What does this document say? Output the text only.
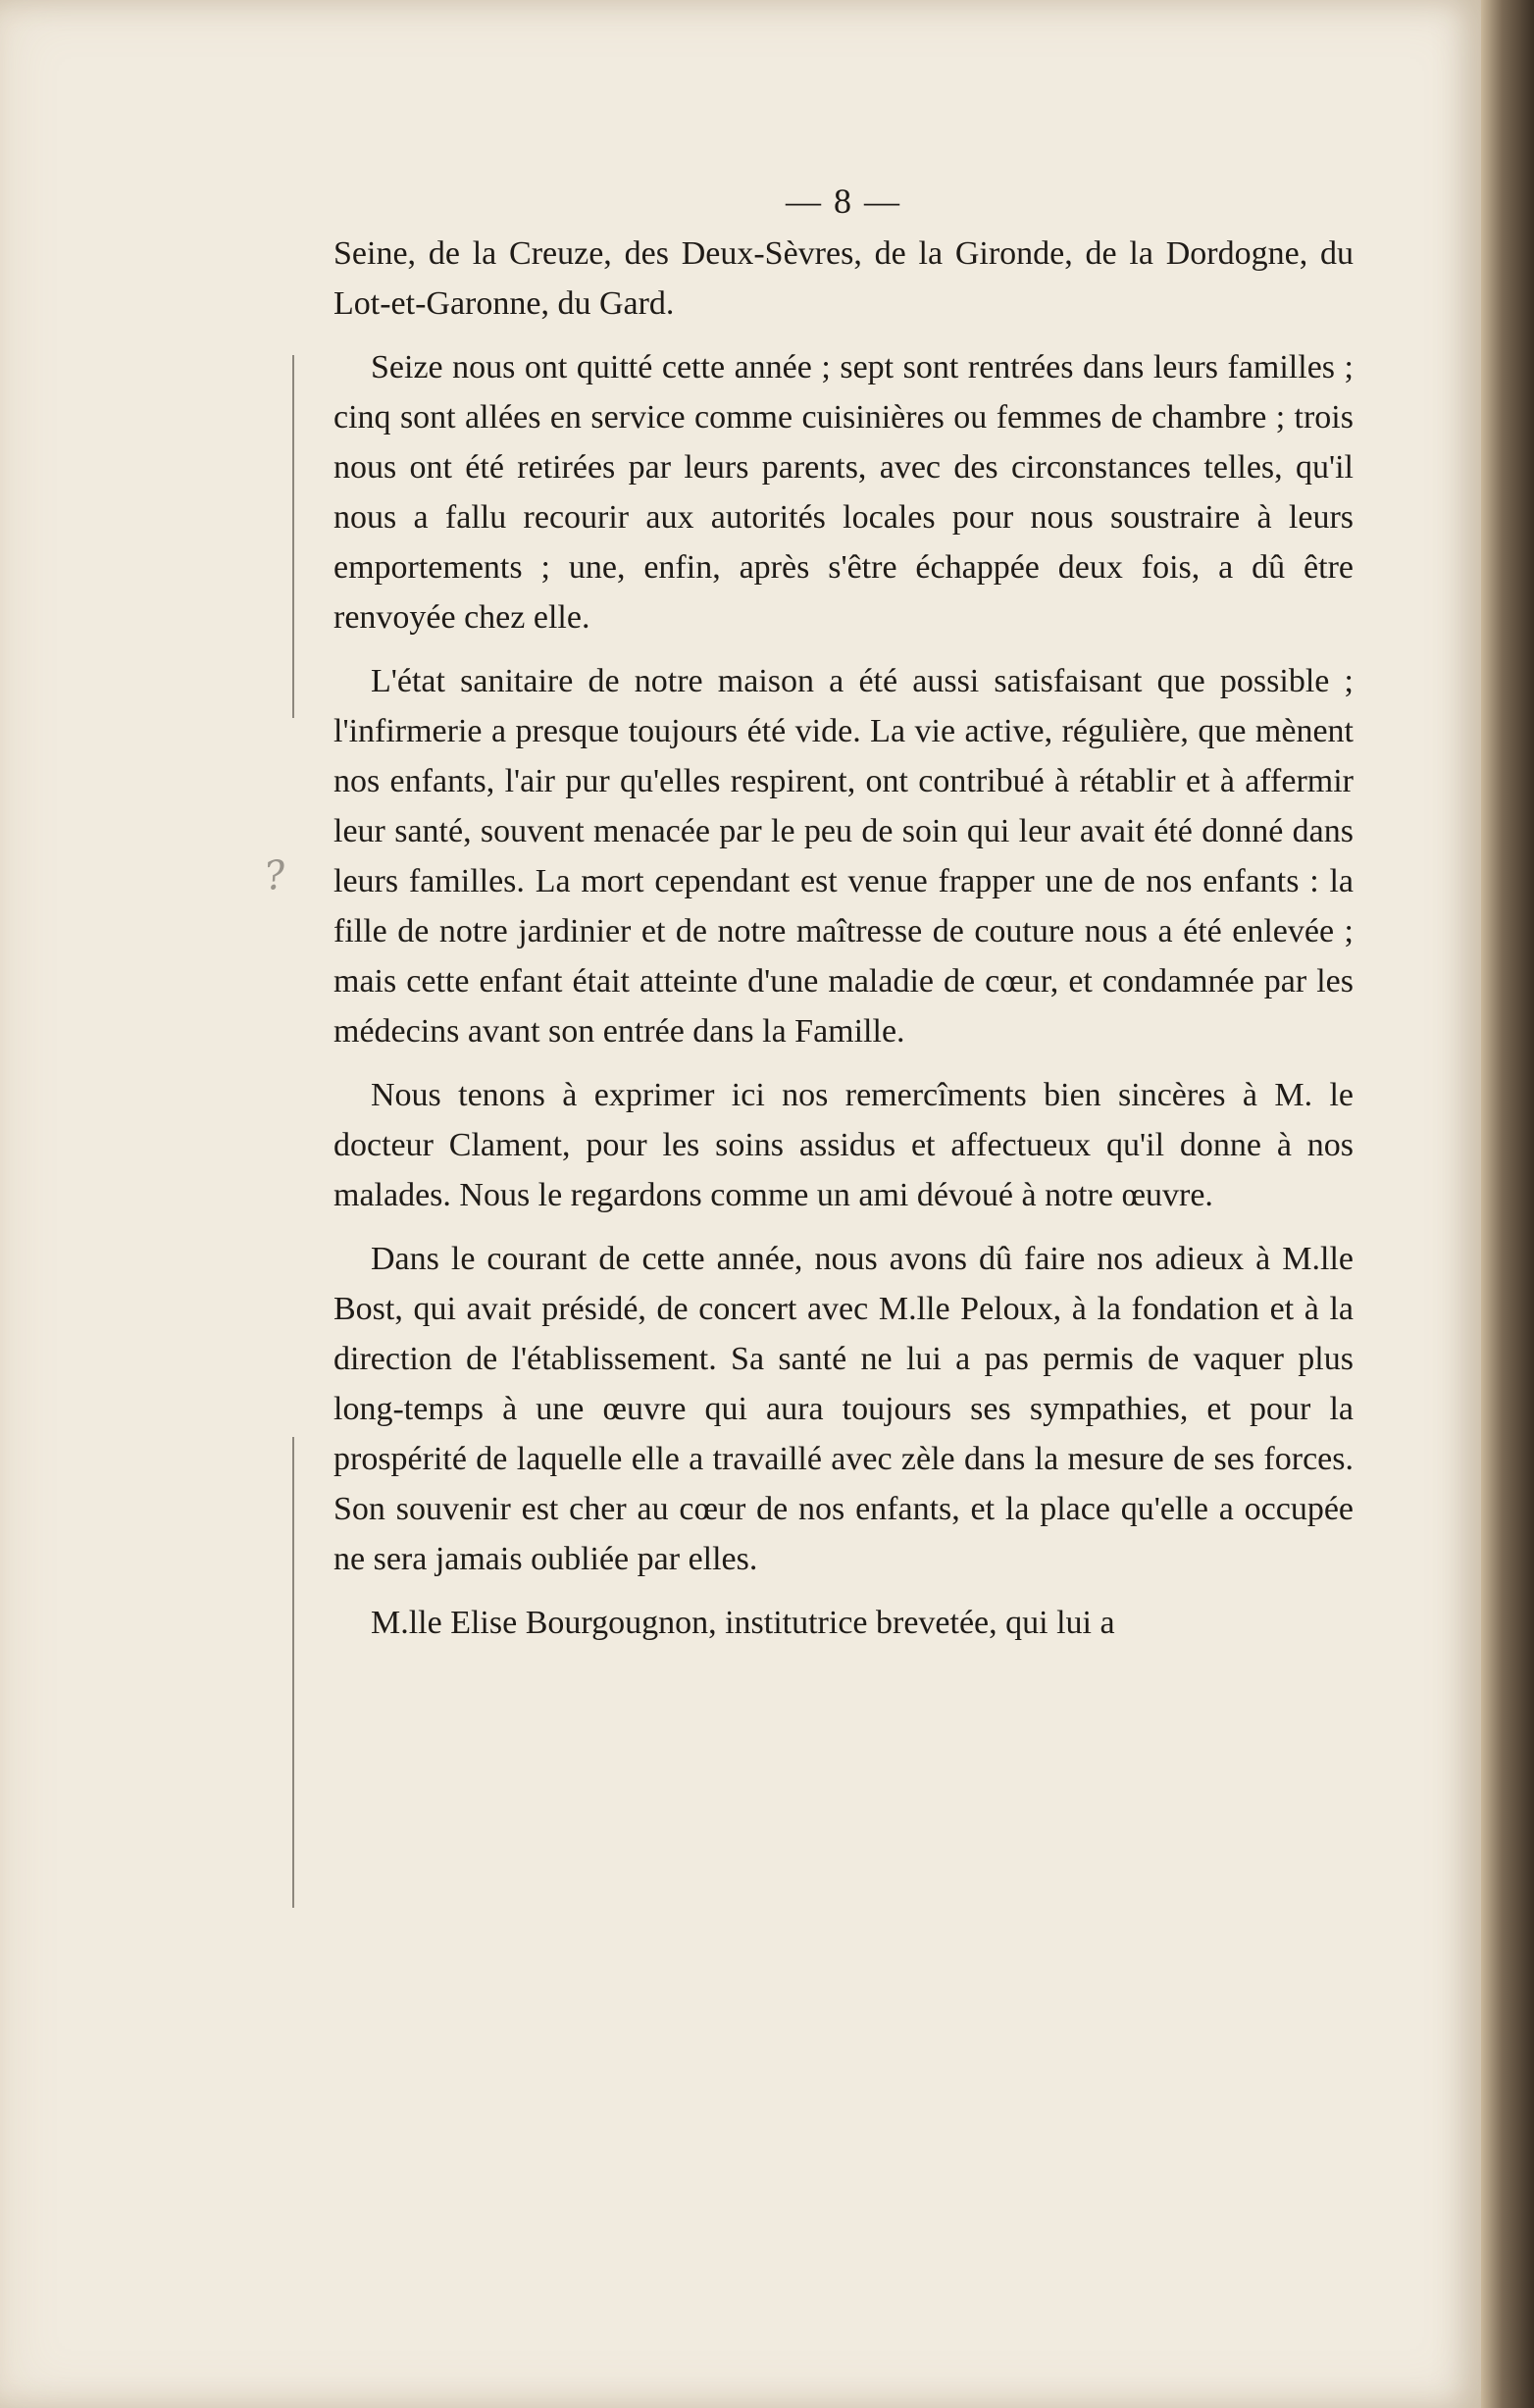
— 8 —

Seine, de la Creuze, des Deux-Sèvres, de la Gironde, de la Dordogne, du Lot-et-Garonne, du Gard.

Seize nous ont quitté cette année ; sept sont rentrées dans leurs familles ; cinq sont allées en service comme cuisinières ou femmes de chambre ; trois nous ont été retirées par leurs parents, avec des circonstances telles, qu'il nous a fallu recourir aux autorités locales pour nous soustraire à leurs emportements ; une, enfin, après s'être échappée deux fois, a dû être renvoyée chez elle.

L'état sanitaire de notre maison a été aussi satisfaisant que possible ; l'infirmerie a presque toujours été vide. La vie active, régulière, que mènent nos enfants, l'air pur qu'elles respirent, ont contribué à rétablir et à affermir leur santé, souvent menacée par le peu de soin qui leur avait été donné dans leurs familles. La mort cependant est venue frapper une de nos enfants : la fille de notre jardinier et de notre maîtresse de couture nous a été enlevée ; mais cette enfant était atteinte d'une maladie de cœur, et condamnée par les médecins avant son entrée dans la Famille.

Nous tenons à exprimer ici nos remercîments bien sincères à M. le docteur Clament, pour les soins assidus et affectueux qu'il donne à nos malades. Nous le regardons comme un ami dévoué à notre œuvre.

Dans le courant de cette année, nous avons dû faire nos adieux à M.lle Bost, qui avait présidé, de concert avec M.lle Peloux, à la fondation et à la direction de l'établissement. Sa santé ne lui a pas permis de vaquer plus long-temps à une œuvre qui aura toujours ses sympathies, et pour la prospérité de laquelle elle a travaillé avec zèle dans la mesure de ses forces. Son souvenir est cher au cœur de nos enfants, et la place qu'elle a occupée ne sera jamais oubliée par elles.

M.lle Elise Bourgougnon, institutrice brevetée, qui lui a

?
